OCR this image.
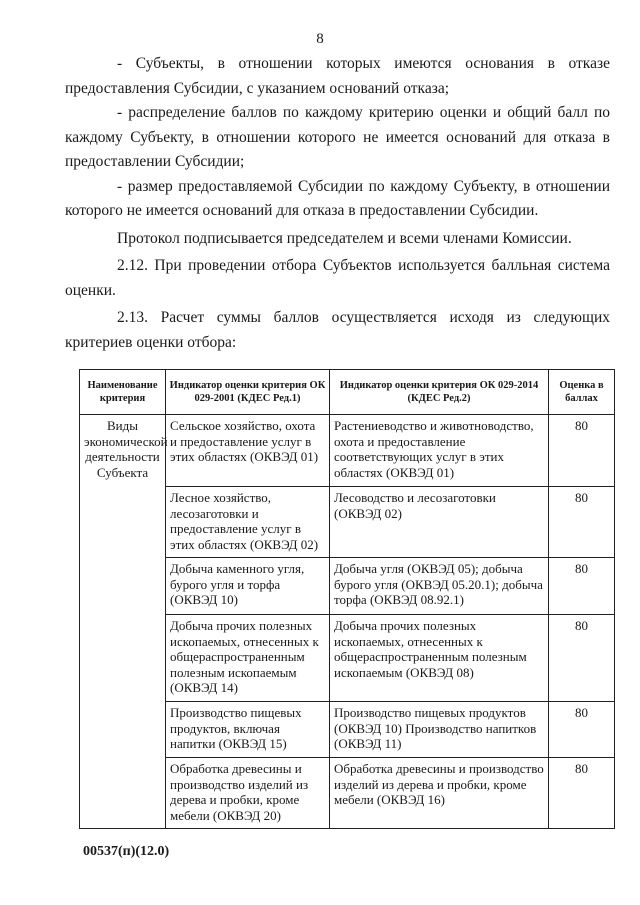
8

- Субъекты, в отношении которых имеются основания в отказе предоставления Субсидии, с указанием оснований отказа;

- распределение баллов по каждому критерию оценки и общий балл по каждому Субъекту, в отношении которого не имеется оснований для отказа в предоставлении Субсидии;

- размер предоставляемой Субсидии по каждому Субъекту, в отношении которого не имеется оснований для отказа в предоставлении Субсидии.

Протокол подписывается председателем и всеми членами Комиссии.

2.12. При проведении отбора Субъектов используется балльная система оценки.

2.13. Расчет суммы баллов осуществляется исходя из следующих критериев оценки отбора:

Наименование критерия	Индикатор оценки критерия ОК 029-2001 (КДЕС Ред.1)	Индикатор оценки критерия ОК 029-2014 (КДЕС Ред.2)	Оценка в баллах
Виды экономической деятельности Субъекта	Сельское хозяйство, охота и предоставление услуг в этих областях (ОКВЭД 01)	Растениеводство и животноводство, охота и предоставление соответствующих услуг в этих областях (ОКВЭД 01)	80
	Лесное хозяйство, лесозаготовки и предоставление услуг в этих областях (ОКВЭД 02)	Лесоводство и лесозаготовки (ОКВЭД 02)	80
	Добыча каменного угля, бурого угля и торфа (ОКВЭД 10)	Добыча угля (ОКВЭД 05); добыча бурого угля (ОКВЭД 05.20.1); добыча торфа (ОКВЭД 08.92.1)	80
	Добыча прочих полезных ископаемых, отнесенных к общераспространенным полезным ископаемым (ОКВЭД 14)	Добыча прочих полезных ископаемых, отнесенных к общераспространенным полезным ископаемым (ОКВЭД 08)	80
	Производство пищевых продуктов, включая напитки (ОКВЭД 15)	Производство пищевых продуктов (ОКВЭД 10) Производство напитков (ОКВЭД 11)	80
	Обработка древесины и производство изделий из дерева и пробки, кроме мебели (ОКВЭД 20)	Обработка древесины и производство изделий из дерева и пробки, кроме мебели (ОКВЭД 16)	80
00537(п)(12.0)
